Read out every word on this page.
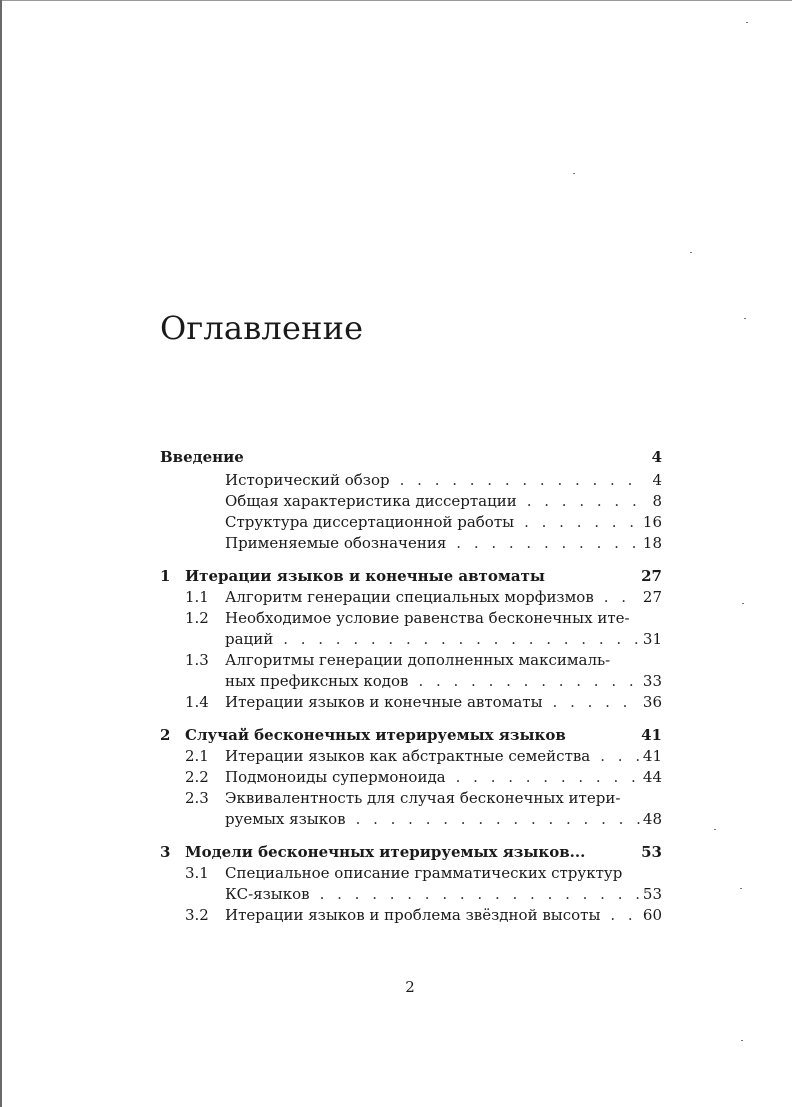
Оглавление
Введение	4
Исторический обзор . . .	4
Общая характеристика диссертации . . .	8
Структура диссертационной работы . . .	16
Применяемые обозначения . . .	18
1 Итерации языков и конечные автоматы	27
1.1	Алгоритм генерации специальных морфизмов . . .	27
1.2	Необходимое условие равенства бесконечных ите-
раций . . .	31
1.3	Алгоритмы генерации дополненных максималь-
ных префиксных кодов . . .	33
1.4	Итерации языков и конечные автоматы . . .	36
2 Случай бесконечных итерируемых языков	41
2.1	Итерации языков как абстрактные семейства . . .	41
2.2	Подмоноиды супермоноида . . .	44
2.3	Эквивалентность для случая бесконечных итери-
руемых языков . . .	48
3 Модели бесконечных итерируемых языков...	53
3.1	Специальное описание грамматических структур
КС-языков . . .	53
3.2	Итерации языков и проблема звёздной высоты . . .	60
2
